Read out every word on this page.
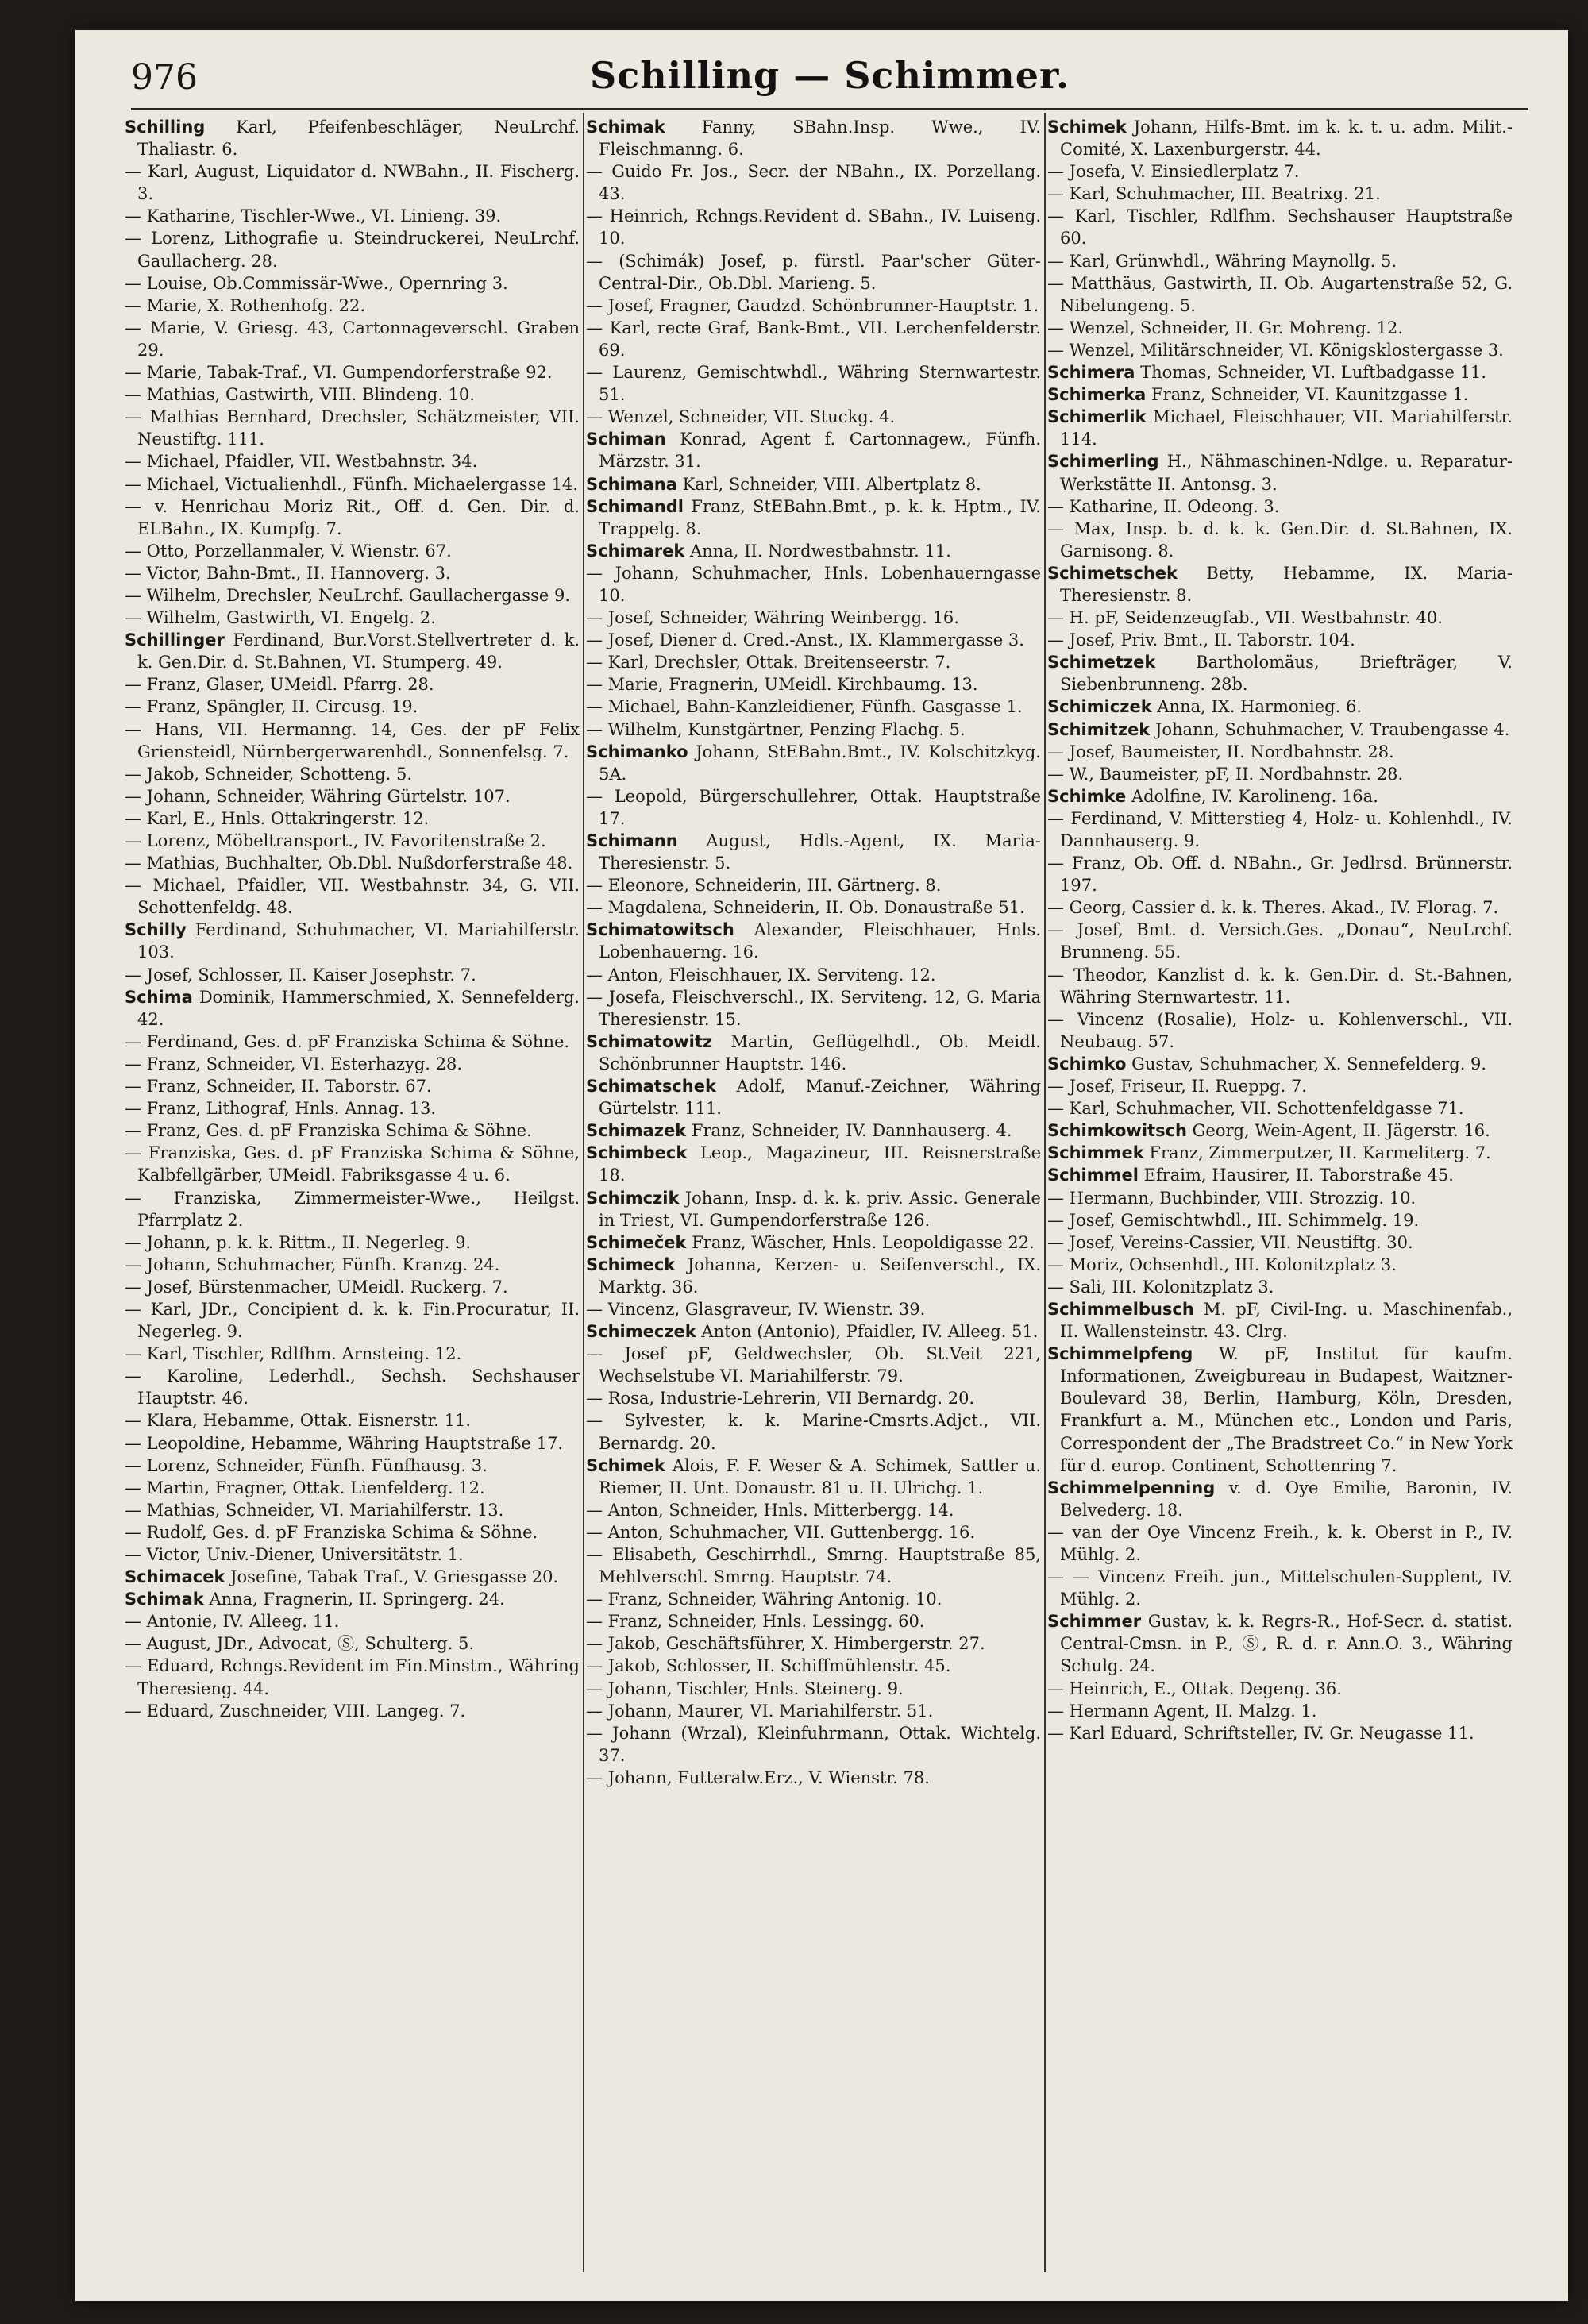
976	Schilling — Schimmer.
Schilling Karl, Pfeifenbeschläger, NeuLrchf. Thaliastr. 6.
— Karl, August, Liquidator d. NWBahn., II. Fischerg. 3.
— Katharine, Tischler-Wwe., VI. Linieng. 39.
— Lorenz, Lithografie u. Steindruckerei, NeuLrchf. Gaullacherg. 28.
— Louise, Ob.Commissär-Wwe., Opernring 3.
— Marie, X. Rothenhofg. 22.
— Marie, V. Griesg. 43, Cartonnageverschl. Graben 29.
— Marie, Tabak-Traf., VI. Gumpendorferstraße 92.
— Mathias, Gastwirth, VIII. Blindeng. 10.
— Mathias Bernhard, Drechsler, Schätzmeister, VII. Neustiftg. 111.
— Michael, Pfaidler, VII. Westbahnstr. 34.
— Michael, Victualienhdl., Fünfh. Michaelergasse 14.
— v. Henrichau Moriz Rit., Off. d. Gen. Dir. d. ELBahn., IX. Kumpfg. 7.
— Otto, Porzellanmaler, V. Wienstr. 67.
— Victor, Bahn-Bmt., II. Hannoverg. 3.
— Wilhelm, Drechsler, NeuLrchf. Gaullachergasse 9.
— Wilhelm, Gastwirth, VI. Engelg. 2.
Schillinger Ferdinand, Bur.Vorst.Stellvertreter d. k. k. Gen.Dir. d. St.Bahnen, VI. Stumperg. 49.
— Franz, Glaser, UMeidl. Pfarrg. 28.
— Franz, Spängler, II. Circusg. 19.
— Hans, VII. Hermanng. 14, Ges. der pF Felix Griensteidl, Nürnbergerwarenhdl., Sonnenfelsg. 7.
— Jakob, Schneider, Schotteng. 5.
— Johann, Schneider, Währing Gürtelstr. 107.
— Karl, E., Hnls. Ottakringerstr. 12.
— Lorenz, Möbeltransport., IV. Favoritenstraße 2.
— Mathias, Buchhalter, Ob.Dbl. Nußdorferstraße 48.
— Michael, Pfaidler, VII. Westbahnstr. 34, G. VII. Schottenfeldg. 48.
Schilly Ferdinand, Schuhmacher, VI. Mariahilferstr. 103.
— Josef, Schlosser, II. Kaiser Josephstr. 7.
Schima Dominik, Hammerschmied, X. Sennefelderg. 42.
— Ferdinand, Ges. d. pF Franziska Schima & Söhne.
— Franz, Schneider, VI. Esterhazyg. 28.
— Franz, Schneider, II. Taborstr. 67.
— Franz, Lithograf, Hnls. Annag. 13.
— Franz, Ges. d. pF Franziska Schima & Söhne.
— Franziska, Ges. d. pF Franziska Schima & Söhne, Kalbfellgärber, UMeidl. Fabriksgasse 4 u. 6.
— Franziska, Zimmermeister-Wwe., Heilgst. Pfarrplatz 2.
— Johann, p. k. k. Rittm., II. Negerleg. 9.
— Johann, Schuhmacher, Fünfh. Kranzg. 24.
— Josef, Bürstenmacher, UMeidl. Ruckerg. 7.
— Karl, JDr., Concipient d. k. k. Fin.Procuratur, II. Negerleg. 9.
— Karl, Tischler, Rdlfhm. Arnsteing. 12.
— Karoline, Lederhdl., Sechsh. Sechshauser Hauptstr. 46.
— Klara, Hebamme, Ottak. Eisnerstr. 11.
— Leopoldine, Hebamme, Währing Hauptstraße 17.
— Lorenz, Schneider, Fünfh. Fünfhausg. 3.
— Martin, Fragner, Ottak. Lienfelderg. 12.
— Mathias, Schneider, VI. Mariahilferstr. 13.
— Rudolf, Ges. d. pF Franziska Schima & Söhne.
— Victor, Univ.-Diener, Universitätstr. 1.
Schimacek Josefine, Tabak Traf., V. Griesgasse 20.
Schimak Anna, Fragnerin, II. Springerg. 24.
— Antonie, IV. Alleeg. 11.
— August, JDr., Advocat, Ⓢ, Schulterg. 5.
— Eduard, Rchngs.Revident im Fin.Minstm., Währing Theresieng. 44.
— Eduard, Zuschneider, VIII. Langeg. 7.
Schimak Fanny, SBahn.Insp. Wwe., IV. Fleischmanng. 6.
— Guido Fr. Jos., Secr. der NBahn., IX. Porzellang. 43.
— Heinrich, Rchngs.Revident d. SBahn., IV. Luiseng. 10.
— (Schimák) Josef, p. fürstl. Paar'scher Güter-Central-Dir., Ob.Dbl. Marieng. 5.
— Josef, Fragner, Gaudzd. Schönbrunner-Hauptstr. 1.
— Karl, recte Graf, Bank-Bmt., VII. Lerchenfelderstr. 69.
— Laurenz, Gemischtwhdl., Währing Sternwartestr. 51.
— Wenzel, Schneider, VII. Stuckg. 4.
Schiman Konrad, Agent f. Cartonnagew., Fünfh. Märzstr. 31.
Schimana Karl, Schneider, VIII. Albertplatz 8.
Schimandl Franz, StEBahn.Bmt., p. k. k. Hptm., IV. Trappelg. 8.
Schimarek Anna, II. Nordwestbahnstr. 11.
— Johann, Schuhmacher, Hnls. Lobenhauerngasse 10.
— Josef, Schneider, Währing Weinbergg. 16.
— Josef, Diener d. Cred.-Anst., IX. Klammergasse 3.
— Karl, Drechsler, Ottak. Breitenseerstr. 7.
— Marie, Fragnerin, UMeidl. Kirchbaumg. 13.
— Michael, Bahn-Kanzleidiener, Fünfh. Gasgasse 1.
— Wilhelm, Kunstgärtner, Penzing Flachg. 5.
Schimanko Johann, StEBahn.Bmt., IV. Kolschitzkyg. 5A.
— Leopold, Bürgerschullehrer, Ottak. Hauptstraße 17.
Schimann August, Hdls.-Agent, IX. Maria-Theresienstr. 5.
— Eleonore, Schneiderin, III. Gärtnerg. 8.
— Magdalena, Schneiderin, II. Ob. Donaustraße 51.
Schimatowitsch Alexander, Fleischhauer, Hnls. Lobenhauerng. 16.
— Anton, Fleischhauer, IX. Serviteng. 12.
— Josefa, Fleischverschl., IX. Serviteng. 12, G. Maria Theresienstr. 15.
Schimatowitz Martin, Geflügelhdl., Ob. Meidl. Schönbrunner Hauptstr. 146.
Schimatschek Adolf, Manuf.-Zeichner, Währing Gürtelstr. 111.
Schimazek Franz, Schneider, IV. Dannhauserg. 4.
Schimbeck Leop., Magazineur, III. Reisnerstraße 18.
Schimczik Johann, Insp. d. k. k. priv. Assic. Generale in Triest, VI. Gumpendorferstraße 126.
Schimeček Franz, Wäscher, Hnls. Leopoldigasse 22.
Schimeck Johanna, Kerzen- u. Seifenverschl., IX. Marktg. 36.
— Vincenz, Glasgraveur, IV. Wienstr. 39.
Schimeczek Anton (Antonio), Pfaidler, IV. Alleeg. 51.
— Josef pF, Geldwechsler, Ob. St.Veit 221, Wechselstube VI. Mariahilferstr. 79.
— Rosa, Industrie-Lehrerin, VII Bernardg. 20.
— Sylvester, k. k. Marine-Cmsrts.Adjct., VII. Bernardg. 20.
Schimek Alois, F. F. Weser & A. Schimek, Sattler u. Riemer, II. Unt. Donaustr. 81 u. II. Ulrichg. 1.
— Anton, Schneider, Hnls. Mitterbergg. 14.
— Anton, Schuhmacher, VII. Guttenbergg. 16.
— Elisabeth, Geschirrhdl., Smrng. Hauptstraße 85, Mehlverschl. Smrng. Hauptstr. 74.
— Franz, Schneider, Währing Antonig. 10.
— Franz, Schneider, Hnls. Lessingg. 60.
— Jakob, Geschäftsführer, X. Himbergerstr. 27.
— Jakob, Schlosser, II. Schiffmühlenstr. 45.
— Johann, Tischler, Hnls. Steinerg. 9.
— Johann, Maurer, VI. Mariahilferstr. 51.
— Johann (Wrzal), Kleinfuhrmann, Ottak. Wichtelg. 37.
— Johann, Futteralw.Erz., V. Wienstr. 78.
Schimek Johann, Hilfs-Bmt. im k. k. t. u. adm. Milit.-Comité, X. Laxenburgerstr. 44.
— Josefa, V. Einsiedlerplatz 7.
— Karl, Schuhmacher, III. Beatrixg. 21.
— Karl, Tischler, Rdlfhm. Sechshauser Hauptstraße 60.
— Karl, Grünwhdl., Währing Maynollg. 5.
— Matthäus, Gastwirth, II. Ob. Augartenstraße 52, G. Nibelungeng. 5.
— Wenzel, Schneider, II. Gr. Mohreng. 12.
— Wenzel, Militärschneider, VI. Königsklostergasse 3.
Schimera Thomas, Schneider, VI. Luftbadgasse 11.
Schimerka Franz, Schneider, VI. Kaunitzgasse 1.
Schimerlik Michael, Fleischhauer, VII. Mariahilferstr. 114.
Schimerling H., Nähmaschinen-Ndlge. u. Reparatur-Werkstätte II. Antonsg. 3.
— Katharine, II. Odeong. 3.
— Max, Insp. b. d. k. k. Gen.Dir. d. St.Bahnen, IX. Garnisong. 8.
Schimetschek Betty, Hebamme, IX. Maria-Theresienstr. 8.
— H. pF, Seidenzeugfab., VII. Westbahnstr. 40.
— Josef, Priv. Bmt., II. Taborstr. 104.
Schimetzek Bartholomäus, Briefträger, V. Siebenbrunneng. 28b.
Schimiczek Anna, IX. Harmonieg. 6.
Schimitzek Johann, Schuhmacher, V. Traubengasse 4.
— Josef, Baumeister, II. Nordbahnstr. 28.
— W., Baumeister, pF, II. Nordbahnstr. 28.
Schimke Adolfine, IV. Karolineng. 16a.
— Ferdinand, V. Mitterstieg 4, Holz- u. Kohlenhdl., IV. Dannhauserg. 9.
— Franz, Ob. Off. d. NBahn., Gr. Jedlrsd. Brünnerstr. 197.
— Georg, Cassier d. k. k. Theres. Akad., IV. Florag. 7.
— Josef, Bmt. d. Versich.Ges. „Donau“, NeuLrchf. Brunneng. 55.
— Theodor, Kanzlist d. k. k. Gen.Dir. d. St.-Bahnen, Währing Sternwartestr. 11.
— Vincenz (Rosalie), Holz- u. Kohlenverschl., VII. Neubaug. 57.
Schimko Gustav, Schuhmacher, X. Sennefelderg. 9.
— Josef, Friseur, II. Rueppg. 7.
— Karl, Schuhmacher, VII. Schottenfeldgasse 71.
Schimkowitsch Georg, Wein-Agent, II. Jägerstr. 16.
Schimmek Franz, Zimmerputzer, II. Karmeliterg. 7.
Schimmel Efraim, Hausirer, II. Taborstraße 45.
— Hermann, Buchbinder, VIII. Strozzig. 10.
— Josef, Gemischtwhdl., III. Schimmelg. 19.
— Josef, Vereins-Cassier, VII. Neustiftg. 30.
— Moriz, Ochsenhdl., III. Kolonitzplatz 3.
— Sali, III. Kolonitzplatz 3.
Schimmelbusch M. pF, Civil-Ing. u. Maschinenfab., II. Wallensteinstr. 43. Clrg.
Schimmelpfeng W. pF, Institut für kaufm. Informationen, Zweigbureau in Budapest, Waitzner-Boulevard 38, Berlin, Hamburg, Köln, Dresden, Frankfurt a. M., München etc., London und Paris, Correspondent der „The Bradstreet Co.“ in New York für d. europ. Continent, Schottenring 7.
Schimmelpenning v. d. Oye Emilie, Baronin, IV. Belvederg. 18.
— van der Oye Vincenz Freih., k. k. Oberst in P., IV. Mühlg. 2.
— — Vincenz Freih. jun., Mittelschulen-Supplent, IV. Mühlg. 2.
Schimmer Gustav, k. k. Regrs-R., Hof-Secr. d. statist. Central-Cmsn. in P., Ⓢ, R. d. r. Ann.O. 3., Währing Schulg. 24.
— Heinrich, E., Ottak. Degeng. 36.
— Hermann Agent, II. Malzg. 1.
— Karl Eduard, Schriftsteller, IV. Gr. Neugasse 11.
